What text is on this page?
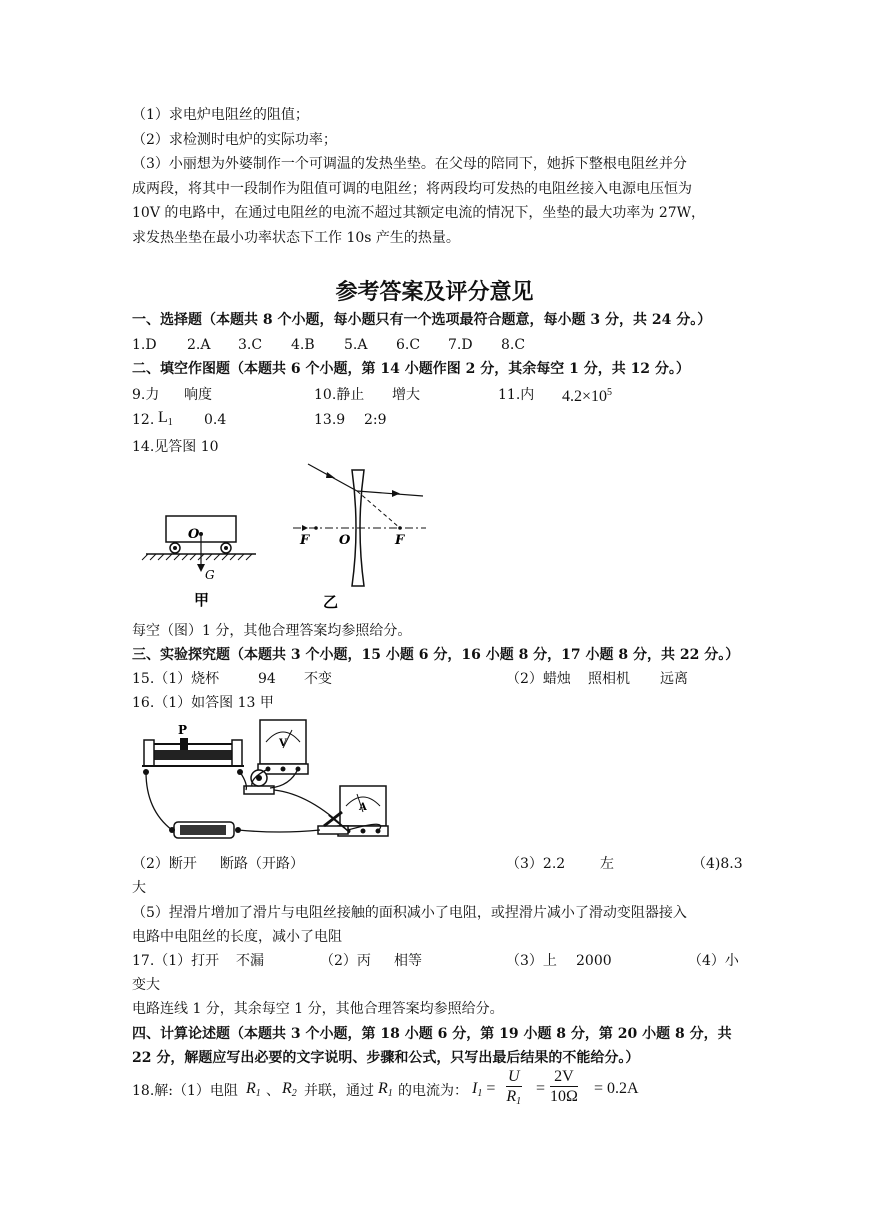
（1）求电炉电阻丝的阻值；
（2）求检测时电炉的实际功率；
（3）小丽想为外婆制作一个可调温的发热坐垫。在父母的陪同下，她拆下整根电阻丝并分
成两段，将其中一段制作为阻值可调的电阻丝；将两段均可发热的电阻丝接入电源电压恒为
10V 的电路中，在通过电阻丝的电流不超过其额定电流的情况下，坐垫的最大功率为 27W，
求发热坐垫在最小功率状态下工作 10s 产生的热量。
参考答案及评分意见
一、选择题（本题共 8 个小题，每小题只有一个选项最符合题意，每小题 3 分，共 24 分。）
1.D 2.A 3.C 4.B 5.A 6.C 7.D 8.C
二、填空作图题（本题共 6 个小题，第 14 小题作图 2 分，其余每空 1 分，共 12 分。）
9.力 响度	10.静止 增大	11.内 $4.2\times 10^5$
12. $L_1$ 0.4	13.9 2:9
14.见答图 10
O
G
甲
F O	F
乙
每空（图）1 分，其他合理答案均参照给分。
三、实验探究题（本题共 3 个小题，15 小题 6 分，16 小题 8 分，17 小题 8 分，共 22 分。）
15.（1）烧杯	94 不变	（2）蜡烛 照相机 远离
16.（1）如答图 13 甲
P
V
A
（2）断开 断路（开路）	（3）2.2 左	（4)8.3
大
（5）捏滑片增加了滑片与电阻丝接触的面积减小了电阻，或捏滑片减小了滑动变阻器接入
电路中电阻丝的长度，减小了电阻
17.（1）打开 不漏	（2）丙 相等	（3）上 2000	（4）小
变大
电路连线 1 分，其余每空 1 分，其他合理答案均参照给分。
四、计算论述题（本题共 3 个小题，第 18 小题 6 分，第 19 小题 8 分，第 20 小题 8 分，共
22 分，解题应写出必要的文字说明、步骤和公式，只写出最后结果的不能给分。）
18.解:（1）电阻 $R_1$ 、 $R_2$ 并联，通过 $R_1$ 的电流为： $I_1 = \frac{U}{R_1} = \frac{2V}{10\Omega} = 0.2A$
